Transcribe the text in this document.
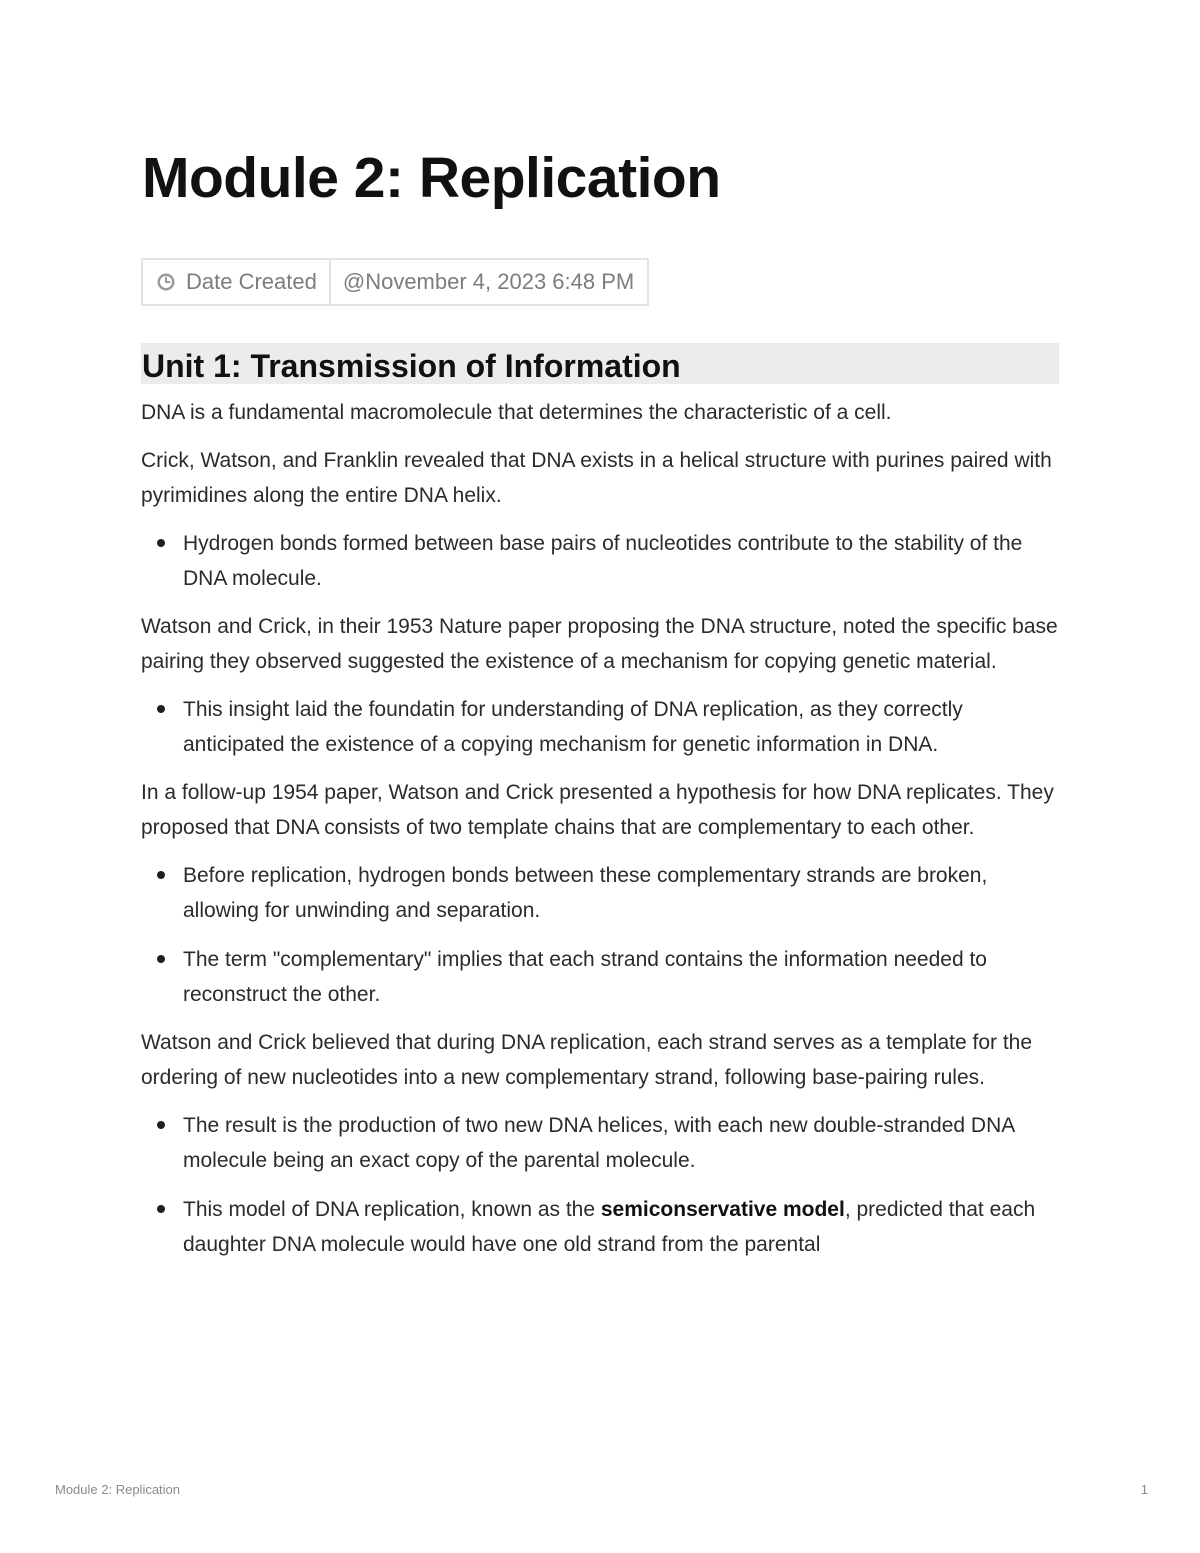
Module 2: Replication
Date Created @November 4, 2023 6:48 PM
Unit 1: Transmission of Information

DNA is a fundamental macromolecule that determines the characteristic of a cell.

Crick, Watson, and Franklin revealed that DNA exists in a helical structure with purines paired with pyrimidines along the entire DNA helix.

Hydrogen bonds formed between base pairs of nucleotides contribute to the stability of the DNA molecule.

Watson and Crick, in their 1953 Nature paper proposing the DNA structure, noted the specific base pairing they observed suggested the existence of a mechanism for copying genetic material.

This insight laid the foundatin for understanding of DNA replication, as they correctly anticipated the existence of a copying mechanism for genetic information in DNA.

In a follow-up 1954 paper, Watson and Crick presented a hypothesis for how DNA replicates. They proposed that DNA consists of two template chains that are complementary to each other.

Before replication, hydrogen bonds between these complementary strands are broken, allowing for unwinding and separation.
The term "complementary" implies that each strand contains the information needed to reconstruct the other.

Watson and Crick believed that during DNA replication, each strand serves as a template for the ordering of new nucleotides into a new complementary strand, following base-pairing rules.

The result is the production of two new DNA helices, with each new double-stranded DNA molecule being an exact copy of the parental molecule.
This model of DNA replication, known as the semiconservative model, predicted that each daughter DNA molecule would have one old strand from the parental
Module 2: Replication	1
